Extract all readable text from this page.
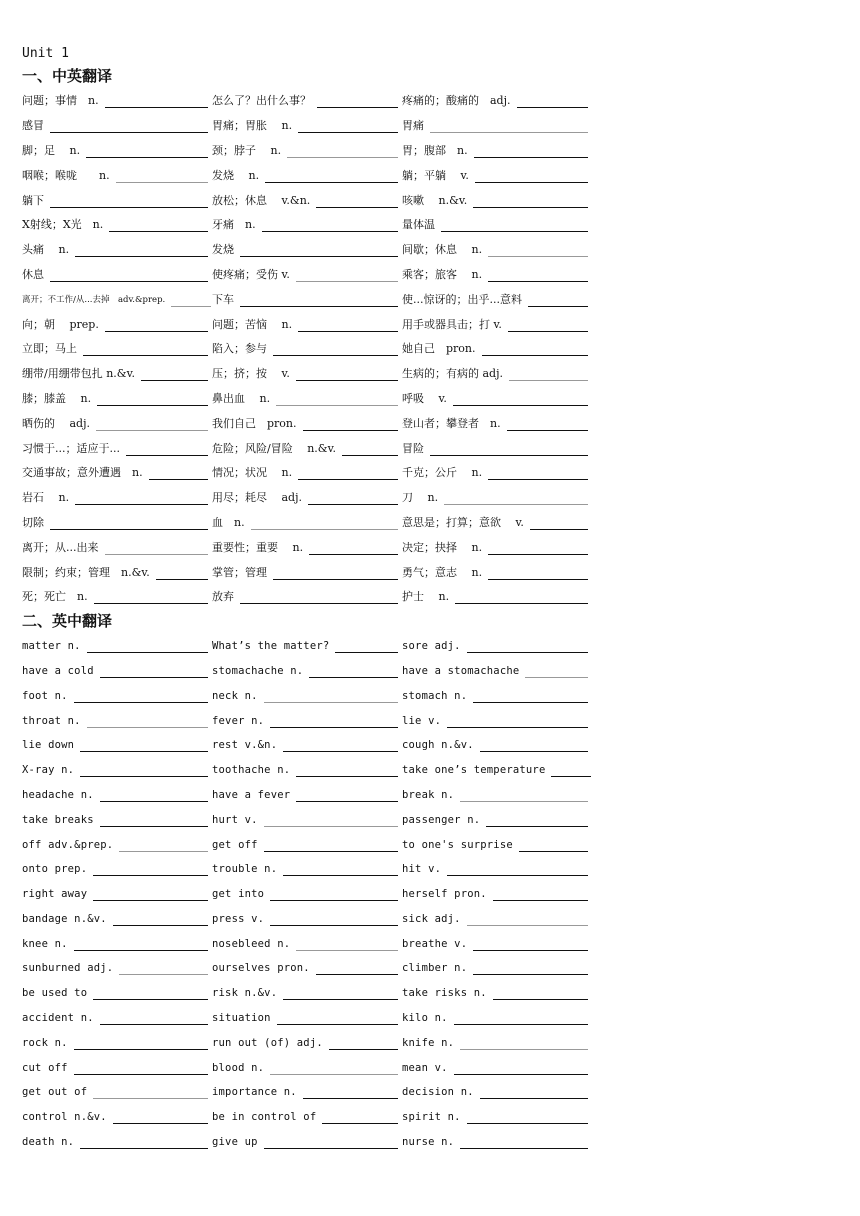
Unit 1
一、中英翻译
问题；事情　n.	怎么了？出什么事？	疼痛的；酸痛的　adj.
感冒	胃痛；胃胀　 n.	胃痛
脚；足　 n.	颈；脖子　 n.	胃；腹部　n.
咽喉；喉咙　　n.	发烧　 n.	躺；平躺　 v.
躺下	放松；休息　 v.&n.	咳嗽　 n.&v.
X射线；X光　n.	牙痛　n.	量体温
头痛　 n.	发烧	间歇；休息　 n.
休息	使疼痛；受伤 v.	乘客；旅客　 n.
离开；不工作/从...去掉　adv.&prep.	下车	使...惊讶的；出乎...意料
向；朝　 prep.	问题；苦恼　 n.	用手或器具击；打 v.
立即；马上	陷入；参与	她自己　pron.
绷带/用绷带包扎 n.&v.	压；挤；按　 v.	生病的；有病的 adj.
膝；膝盖　 n.	鼻出血　 n.	呼吸　 v.
晒伤的　 adj.	我们自己　pron.	登山者；攀登者　n.
习惯于...；适应于...	危险；风险/冒险　 n.&v.	冒险
交通事故；意外遭遇　n.	情况；状况　 n.	千克；公斤　 n.
岩石　 n.	用尽；耗尽　 adj.	刀　 n.
切除	血　n.	意思是；打算；意欲　 v.
离开；从...出来	重要性；重要　 n.	决定；抉择　 n.
限制；约束；管理　n.&v.	掌管；管理	勇气；意志　 n.
死；死亡　n.	放弃	护士　 n.
二、英中翻译
matter n.	What’s the matter?	sore adj.
have a cold	stomachache n.	have a stomachache
foot n.	neck n.	stomach n.
throat n.	fever n.	lie v.
lie down	rest v.&n.	cough n.&v.
X-ray n.	toothache n.	take one’s temperature
headache n.	have a fever	break n.
take breaks	hurt v.	passenger n.
off adv.&prep.	get off	to one's surprise
onto prep.	trouble n.	hit v.
right away	get into	herself pron.
bandage n.&v.	press v.	sick adj.
knee n.	nosebleed n.	breathe v.
sunburned adj.	ourselves pron.	climber n.
be used to	risk n.&v.	take risks n.
accident n.	situation	kilo n.
rock n.	run out (of) adj.	knife n.
cut off	blood n.	mean v.
get out of	importance n.	decision n.
control n.&v.	be in control of	spirit n.
death n.	give up	nurse n.
